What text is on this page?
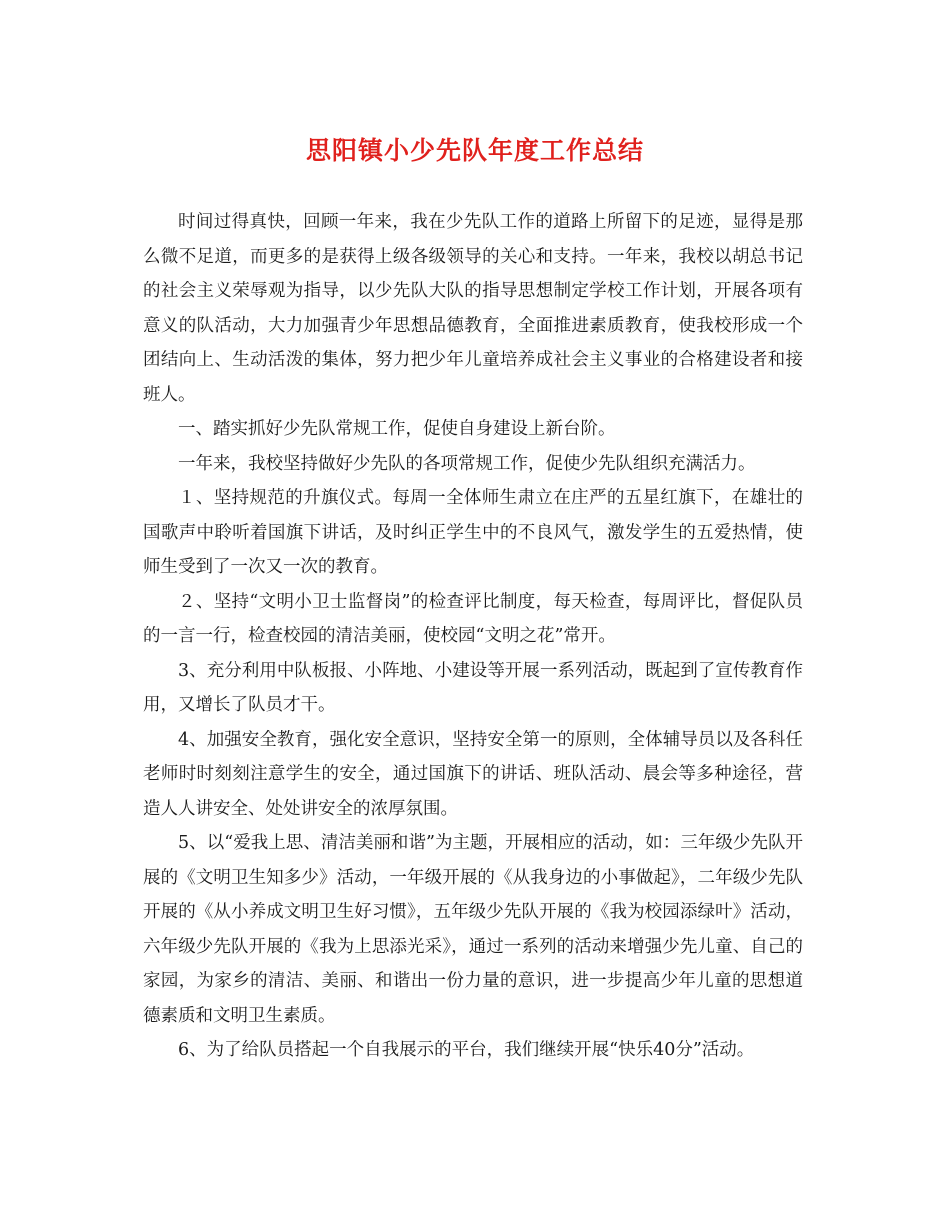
思阳镇小少先队年度工作总结

时间过得真快，回顾一年来，我在少先队工作的道路上所留下的足迹，显得是那么微不足道，而更多的是获得上级各级领导的关心和支持。一年来，我校以胡总书记的社会主义荣辱观为指导，以少先队大队的指导思想制定学校工作计划，开展各项有意义的队活动，大力加强青少年思想品德教育，全面推进素质教育，使我校形成一个团结向上、生动活泼的集体，努力把少年儿童培养成社会主义事业的合格建设者和接班人。

一、踏实抓好少先队常规工作，促使自身建设上新台阶。

一年来，我校坚持做好少先队的各项常规工作，促使少先队组织充满活力。

１、坚持规范的升旗仪式。每周一全体师生肃立在庄严的五星红旗下，在雄壮的国歌声中聆听着国旗下讲话，及时纠正学生中的不良风气，激发学生的五爱热情，使师生受到了一次又一次的教育。

２、坚持“文明小卫士监督岗”的检查评比制度，每天检查，每周评比，督促队员的一言一行，检查校园的清洁美丽，使校园“文明之花”常开。

3、充分利用中队板报、小阵地、小建设等开展一系列活动，既起到了宣传教育作用，又增长了队员才干。

4、加强安全教育，强化安全意识，坚持安全第一的原则，全体辅导员以及各科任老师时时刻刻注意学生的安全，通过国旗下的讲话、班队活动、晨会等多种途径，营造人人讲安全、处处讲安全的浓厚氛围。

5、以“爱我上思、清洁美丽和谐”为主题，开展相应的活动，如：三年级少先队开展的《文明卫生知多少》活动，一年级开展的《从我身边的小事做起》，二年级少先队开展的《从小养成文明卫生好习惯》，五年级少先队开展的《我为校园添绿叶》活动，六年级少先队开展的《我为上思添光采》，通过一系列的活动来增强少先儿童、自己的家园，为家乡的清洁、美丽、和谐出一份力量的意识，进一步提高少年儿童的思想道德素质和文明卫生素质。

6、为了给队员搭起一个自我展示的平台，我们继续开展“快乐40分”活动。
